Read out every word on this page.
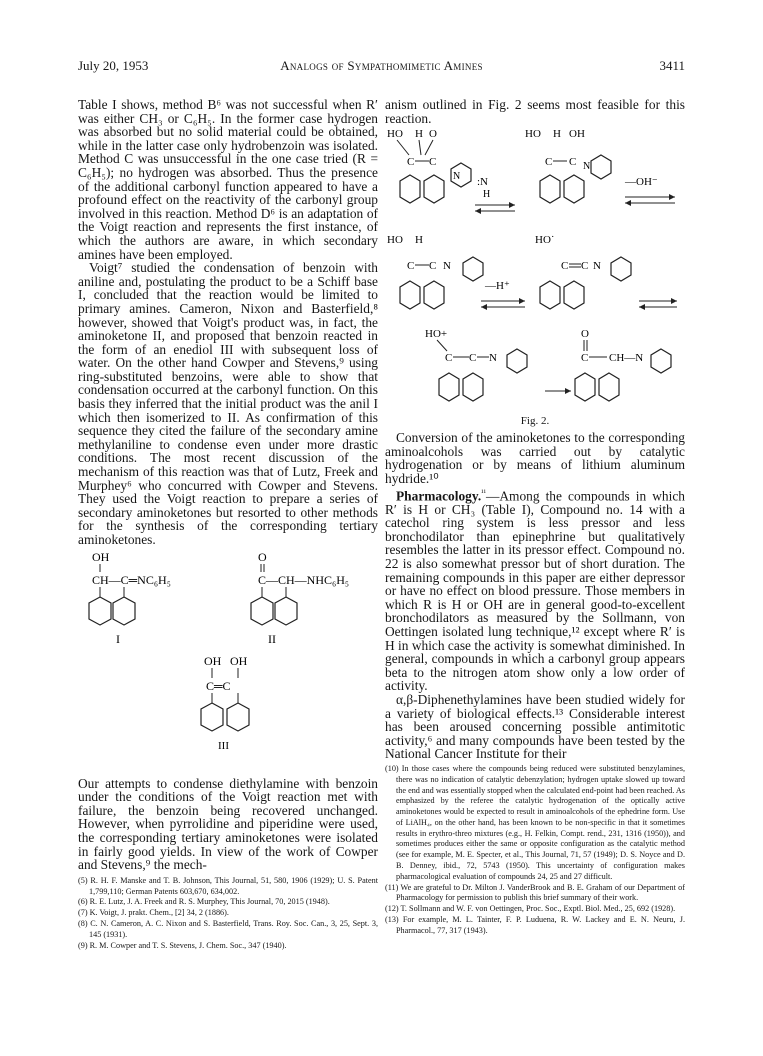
July 20, 1953	Analogs of Sympathomimetic Amines	3411

Table I shows, method B⁶ was not successful when R′ was either CH₃ or C₆H₅. In the former case hydrogen was absorbed but no solid material could be obtained, while in the latter case only hydrobenzoin was isolated. Method C was unsuccessful in the one case tried (R = C₆H₅); no hydrogen was absorbed. Thus the presence of the additional carbonyl function appeared to have a profound effect on the reactivity of the carbonyl group involved in this reaction. Method D⁶ is an adaptation of the Voigt reaction and represents the first instance, of which the authors are aware, in which secondary amines have been employed.

Voigt⁷ studied the condensation of benzoin with aniline and, postulating the product to be a Schiff base I, concluded that the reaction would be limited to primary amines. Cameron, Nixon and Basterfield,⁸ however, showed that Voigt's product was, in fact, the aminoketone II, and proposed that benzoin reacted in the form of an enediol III with subsequent loss of water. On the other hand Cowper and Stevens,⁹ using ring-substituted benzoins, were able to show that condensation occurred at the carbonyl function. On this basis they inferred that the initial product was the anil I which then isomerized to II. As confirmation of this sequence they cited the failure of the secondary amine methylaniline to condense even under more drastic conditions. The most recent discussion of the mechanism of this reaction was that of Lutz, Freek and Murphey⁶ who concurred with Cowper and Stevens. They used the Voigt reaction to prepare a series of secondary aminoketones but resorted to other methods for the synthesis of the corresponding tertiary aminoketones.

OH
CH—C═NC₆H₅
I
O
C—CH—NHC₆H₅
II
OH OH
C═C
III

Our attempts to condense diethylamine with benzoin under the conditions of the Voigt reaction met with failure, the benzoin being recovered unchanged. However, when pyrrolidine and piperidine were used, the corresponding tertiary aminoketones were isolated in fairly good yields. In view of the work of Cowper and Stevens,⁹ the mech-

(5) R. H. F. Manske and T. B. Johnson, This Journal, 51, 580, 1906 (1929); U. S. Patent 1,799,110; German Patents 603,670, 634,002.
(6) R. E. Lutz, J. A. Freek and R. S. Murphey, This Journal, 70, 2015 (1948).
(7) K. Voigt, J. prakt. Chem., [2] 34, 2 (1886).
(8) C. N. Cameron, A. C. Nixon and S. Basterfield, Trans. Roy. Soc. Can., 3, 25, Sept. 3, 145 (1931).
(9) R. M. Cowper and T. S. Stevens, J. Chem. Soc., 347 (1940).

anism outlined in Fig. 2 seems most feasible for this reaction.

HO H O
C C
N :N
H
HO H OH
C C N
—OH⁻
HO H
C C N
—H⁺
HO˙
C C N
HO+
C C N
O
C CH—N
Fig. 2.

Conversion of the aminoketones to the corresponding aminoalcohols was carried out by catalytic hydrogenation or by means of lithium aluminum hydride.¹⁰

Pharmacology.$^{^{11}}$—Among the compounds in which R′ is H or CH₃ (Table I), Compound no. 14 with a catechol ring system is less pressor and less bronchodilator than epinephrine but qualitatively resembles the latter in its pressor effect. Compound no. 22 is also somewhat pressor but of short duration. The remaining compounds in this paper are either depressor or have no effect on blood pressure. Those members in which R is H or OH are in general good-to-excellent bronchodilators as measured by the Sollmann, von Oettingen isolated lung technique,¹² except where R′ is H in which case the activity is somewhat diminished. In general, compounds in which a carbonyl group appears beta to the nitrogen atom show only a low order of activity.

α,β-Diphenethylamines have been studied widely for a variety of biological effects.¹³ Considerable interest has been aroused concerning possible antimitotic activity,⁶ and many compounds have been tested by the National Cancer Institute for their

(10) In those cases where the compounds being reduced were substituted benzylamines, there was no indication of catalytic debenzylation; hydrogen uptake slowed up toward the end and was essentially stopped when the calculated end-point had been reached. As emphasized by the referee the catalytic hydrogenation of the optically active aminoketones would be expected to result in aminoalcohols of the ephedrine form. Use of LiAlH₄, on the other hand, has been known to be non-specific in that it sometimes results in erythro-threo mixtures (e.g., H. Felkin, Compt. rend., 231, 1316 (1950)), and sometimes produces either the same or opposite configuration as the catalytic method (see for example, M. E. Specter, et al., This Journal, 71, 57 (1949); D. S. Noyce and D. B. Denney, ibid., 72, 5743 (1950). This uncertainty of configuration makes pharmacological evaluation of compounds 24, 25 and 27 difficult.
(11) We are grateful to Dr. Milton J. VanderBrook and B. E. Graham of our Department of Pharmacology for permission to publish this brief summary of their work.
(12) T. Sollmann and W. F. von Oettingen, Proc. Soc., Exptl. Biol. Med., 25, 692 (1928).
(13) For example, M. L. Tainter, F. P. Luduena, R. W. Lackey and E. N. Neuru, J. Pharmacol., 77, 317 (1943).
